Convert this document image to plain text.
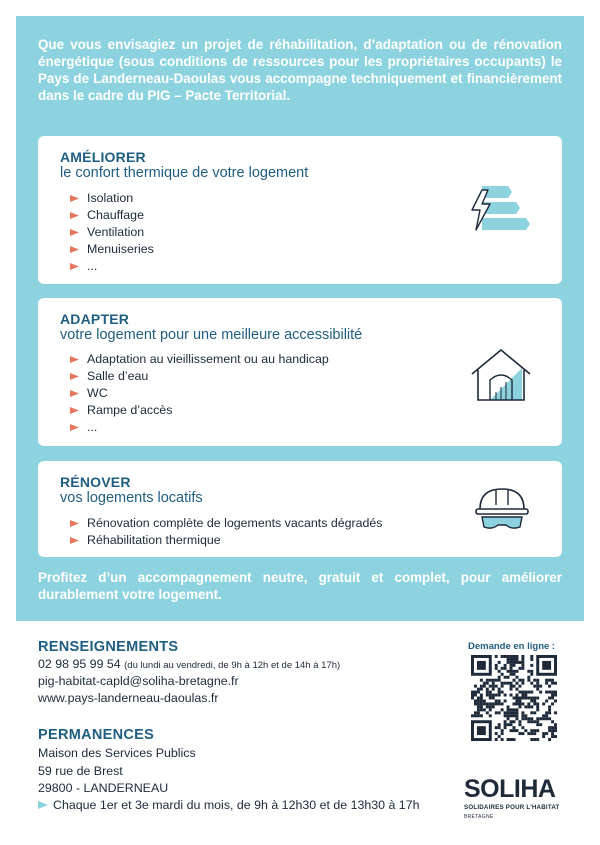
Que vous envisagiez un projet de réhabilitation, d’adaptation ou de rénovation énergétique (sous conditions de ressources pour les propriétaires occupants) le Pays de Landerneau-Daoulas vous accompagne techniquement et financièrement dans le cadre du PIG – Pacte Territorial.

AMÉLIORER

le confort thermique de votre logement

Isolation
Chauffage
Ventilation
Menuiseries
...
ADAPTER

votre logement pour une meilleure accessibilité

Adaptation au vieillissement ou au handicap
Salle d’eau
WC
Rampe d’accès
...
RÉNOVER

vos logements locatifs

Rénovation complète de logements vacants dégradés
Réhabilitation thermique

Profitez d’un accompagnement neutre, gratuit et complet, pour améliorer durablement votre logement.

RENSEIGNEMENTS

02 98 95 99 54 (du lundi au vendredi, de 9h à 12h et de 14h à 17h)

pig-habitat-capld@soliha-bretagne.fr

www.pays-landerneau-daoulas.fr

PERMANENCES

Maison des Services Publics

59 rue de Brest

29800 - LANDERNEAU

Chaque 1er et 3e mardi du mois, de 9h à 12h30 et de 13h30 à 17h

Demande en ligne :

SOLIHA
SOLIDAIRES POUR L’HABITAT
BRETAGNE
